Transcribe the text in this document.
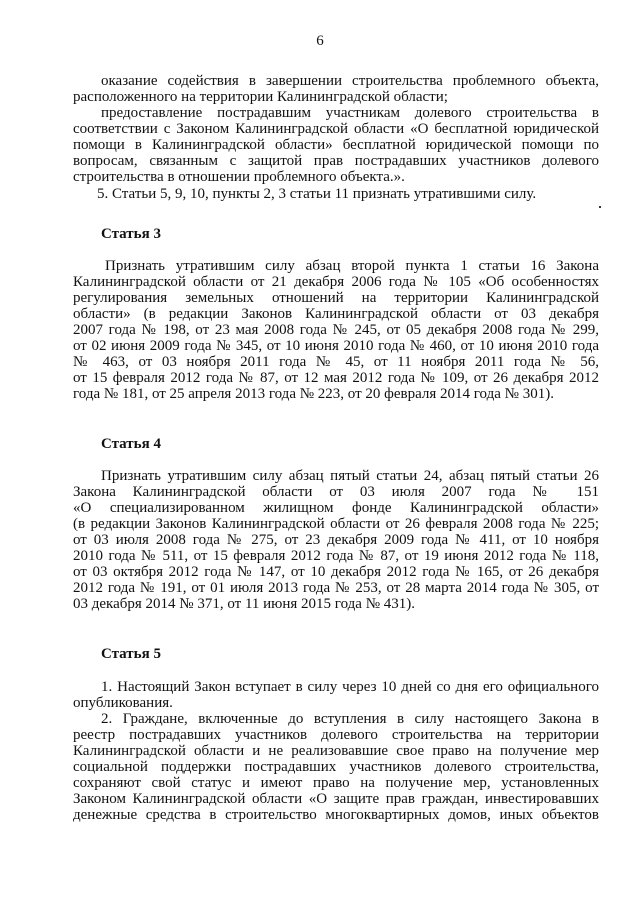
6
оказание содействия в завершении строительства проблемного объекта,
расположенного на территории Калининградской области;
предоставление пострадавшим участникам долевого строительства в
соответствии с Законом Калининградской области «О бесплатной юридической
помощи в Калининградской области» бесплатной юридической помощи по
вопросам, связанным с защитой прав пострадавших участников долевого
строительства в отношении проблемного объекта.».
5. Статьи 5, 9, 10, пункты 2, 3 статьи 11 признать утратившими силу.
Статья 3
Признать утратившим силу абзац второй пункта 1 статьи 16 Закона
Калининградской области от 21 декабря 2006 года № 105 «Об особенностях
регулирования земельных отношений на территории Калининградской
области» (в редакции Законов Калининградской области от 03 декабря
2007 года № 198, от 23 мая 2008 года № 245, от 05 декабря 2008 года № 299,
от 02 июня 2009 года № 345, от 10 июня 2010 года № 460, от 10 июня 2010 года
№ 463, от 03 ноября 2011 года № 45, от 11 ноября 2011 года № 56,
от 15 февраля 2012 года № 87, от 12 мая 2012 года № 109, от 26 декабря 2012
года № 181, от 25 апреля 2013 года № 223, от 20 февраля 2014 года № 301).
Статья 4
Признать утратившим силу абзац пятый статьи 24, абзац пятый статьи 26
Закона Калининградской области от 03 июля 2007 года № 151
«О специализированном жилищном фонде Калининградской области»
(в редакции Законов Калининградской области от 26 февраля 2008 года № 225;
от 03 июля 2008 года № 275, от 23 декабря 2009 года № 411, от 10 ноября
2010 года № 511, от 15 февраля 2012 года № 87, от 19 июня 2012 года № 118,
от 03 октября 2012 года № 147, от 10 декабря 2012 года № 165, от 26 декабря
2012 года № 191, от 01 июля 2013 года № 253, от 28 марта 2014 года № 305, от
03 декабря 2014 № 371, от 11 июня 2015 года № 431).
Статья 5
1. Настоящий Закон вступает в силу через 10 дней со дня его официального
опубликования.
2. Граждане, включенные до вступления в силу настоящего Закона в
реестр пострадавших участников долевого строительства на территории
Калининградской области и не реализовавшие свое право на получение мер
социальной поддержки пострадавших участников долевого строительства,
сохраняют свой статус и имеют право на получение мер, установленных
Законом Калининградской области «О защите прав граждан, инвестировавших
денежные средства в строительство многоквартирных домов, иных объектов
